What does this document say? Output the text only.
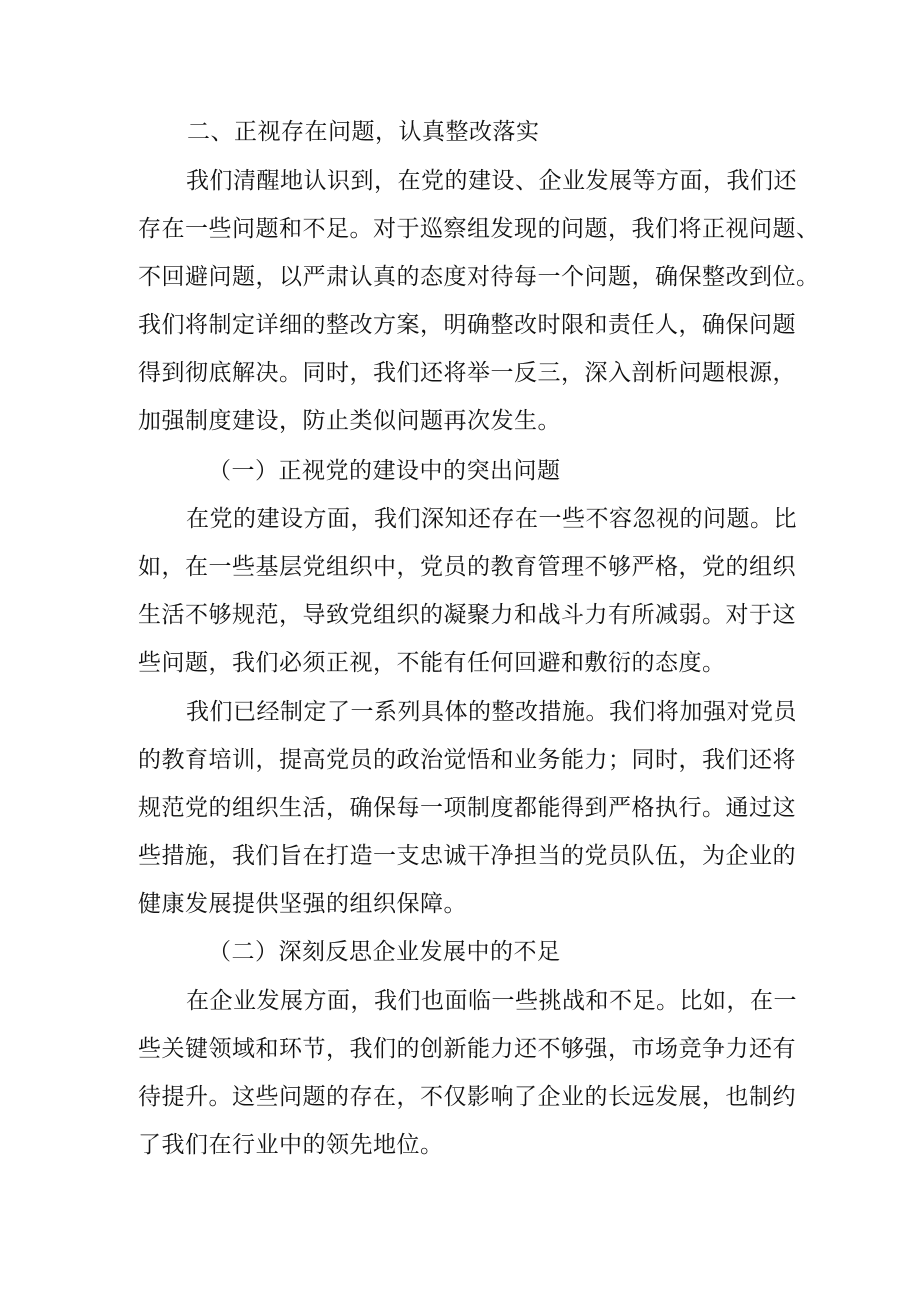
二、正视存在问题，认真整改落实
我们清醒地认识到，在党的建设、企业发展等方面，我们还
存在一些问题和不足。对于巡察组发现的问题，我们将正视问题、
不回避问题，以严肃认真的态度对待每一个问题，确保整改到位。
我们将制定详细的整改方案，明确整改时限和责任人，确保问题
得到彻底解决。同时，我们还将举一反三，深入剖析问题根源，
加强制度建设，防止类似问题再次发生。
（一）正视党的建设中的突出问题
在党的建设方面，我们深知还存在一些不容忽视的问题。比
如，在一些基层党组织中，党员的教育管理不够严格，党的组织
生活不够规范，导致党组织的凝聚力和战斗力有所减弱。对于这
些问题，我们必须正视，不能有任何回避和敷衍的态度。
我们已经制定了一系列具体的整改措施。我们将加强对党员
的教育培训，提高党员的政治觉悟和业务能力；同时，我们还将
规范党的组织生活，确保每一项制度都能得到严格执行。通过这
些措施，我们旨在打造一支忠诚干净担当的党员队伍，为企业的
健康发展提供坚强的组织保障。
（二）深刻反思企业发展中的不足
在企业发展方面，我们也面临一些挑战和不足。比如，在一
些关键领域和环节，我们的创新能力还不够强，市场竞争力还有
待提升。这些问题的存在，不仅影响了企业的长远发展，也制约
了我们在行业中的领先地位。
